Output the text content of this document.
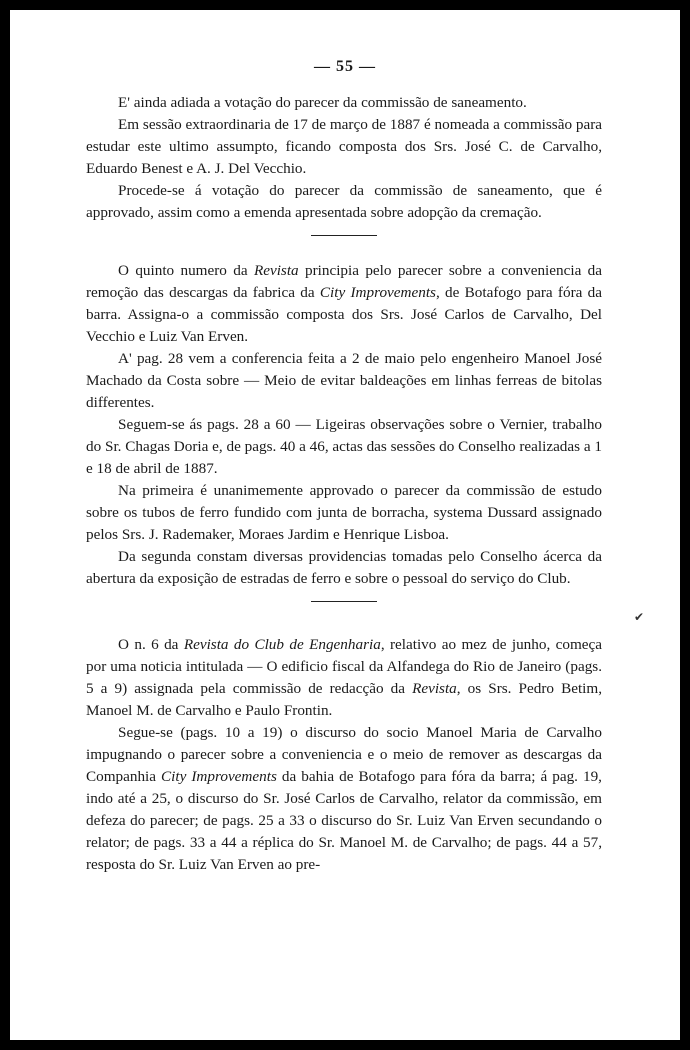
— 55 —

E' ainda adiada a votação do parecer da commissão de saneamento.

Em sessão extraordinaria de 17 de março de 1887 é nomeada a commissão para estudar este ultimo assumpto, ficando composta dos Srs. José C. de Carvalho, Eduardo Benest e A. J. Del Vecchio.

Procede-se á votação do parecer da commissão de saneamento, que é approvado, assim como a emenda apresentada sobre adopção da cremação.

O quinto numero da Revista principia pelo parecer sobre a conveniencia da remoção das descargas da fabrica da City Improvements, de Botafogo para fóra da barra. Assigna-o a commissão composta dos Srs. José Carlos de Carvalho, Del Vecchio e Luiz Van Erven.

A' pag. 28 vem a conferencia feita a 2 de maio pelo engenheiro Manoel José Machado da Costa sobre — Meio de evitar baldeações em linhas ferreas de bitolas differentes.

Seguem-se ás pags. 28 a 60 — Ligeiras observações sobre o Vernier, trabalho do Sr. Chagas Doria e, de pags. 40 a 46, actas das sessões do Conselho realizadas a 1 e 18 de abril de 1887.

Na primeira é unanimemente approvado o parecer da commissão de estudo sobre os tubos de ferro fundido com junta de borracha, systema Dussard assignado pelos Srs. J. Rademaker, Moraes Jardim e Henrique Lisboa.

Da segunda constam diversas providencias tomadas pelo Conselho ácerca da abertura da exposição de estradas de ferro e sobre o pessoal do serviço do Club.

O n. 6 da Revista do Club de Engenharia, relativo ao mez de junho, começa por uma noticia intitulada — O edificio fiscal da Alfandega do Rio de Janeiro (pags. 5 a 9) assignada pela commissão de redacção da Revista, os Srs. Pedro Betim, Manoel M. de Carvalho e Paulo Frontin.

Segue-se (pags. 10 a 19) o discurso do socio Manoel Maria de Carvalho impugnando o parecer sobre a conveniencia e o meio de remover as descargas da Companhia City Improvements da bahia de Botafogo para fóra da barra; á pag. 19, indo até a 25, o discurso do Sr. José Carlos de Carvalho, relator da commissão, em defeza do parecer; de pags. 25 a 33 o discurso do Sr. Luiz Van Erven secundando o relator; de pags. 33 a 44 a réplica do Sr. Manoel M. de Carvalho; de pags. 44 a 57, resposta do Sr. Luiz Van Erven ao pre-

✔
